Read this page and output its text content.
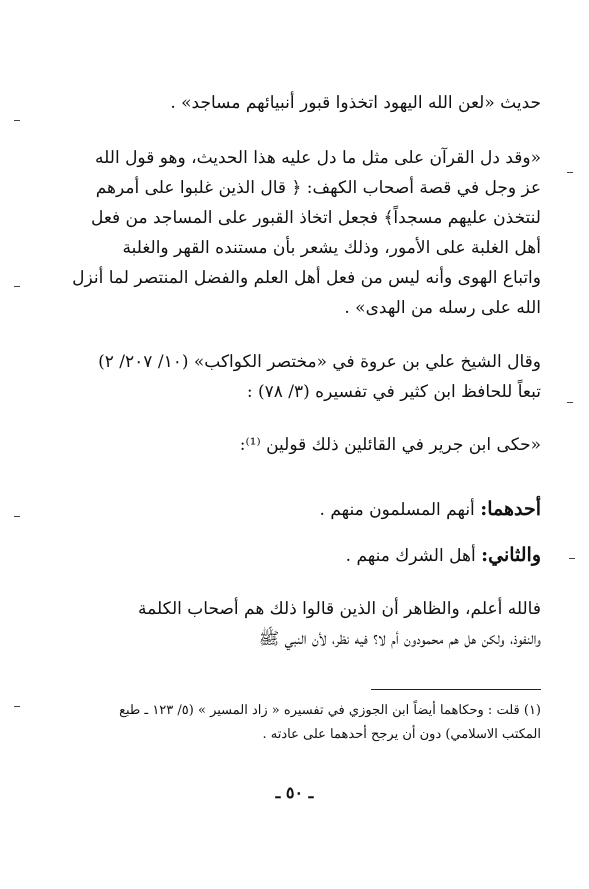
حديث «لعن الله اليهود اتخذوا قبور أنبيائهم مساجد» .
«وقد دل القرآن على مثل ما دل عليه هذا الحديث، وهو قول الله
عز وجل في قصة أصحاب الكهف: ﴿ قال الذين غلبوا على أمرهم
لنتخذن عليهم مسجداً﴾ فجعل اتخاذ القبور على المساجد من فعل
أهل الغلبة على الأمور، وذلك يشعر بأن مستنده القهر والغلبة
واتباع الهوى وأنه ليس من فعل أهل العلم والفضل المنتصر لما أنزل
الله على رسله من الهدى» .
وقال الشيخ علي بن عروة في «مختصر الكواكب» (١٠/ ٢٠٧/ ٢)
تبعاً للحافظ ابن كثير في تفسيره (٣/ ٧٨) :
«حكى ابن جرير في القائلين ذلك قولين ⁽¹⁾:
أحدهما: أنهم المسلمون منهم .
والثاني: أهل الشرك منهم .
فالله أعلم، والظاهر أن الذين قالوا ذلك هم أصحاب الكلمة
والنفوذ، ولكن هل هم محمودون أم لا؟ فيه نظر، لأن النبي ﷺ
(١) قلت : وحكاهما أيضاً ابن الجوزي في تفسيره « زاد المسير » (٥/ ١٢٣ ـ طبع
المكتب الاسلامي) دون أن يرجح أحدهما على عادته .
ـ ٥٠ ـ
